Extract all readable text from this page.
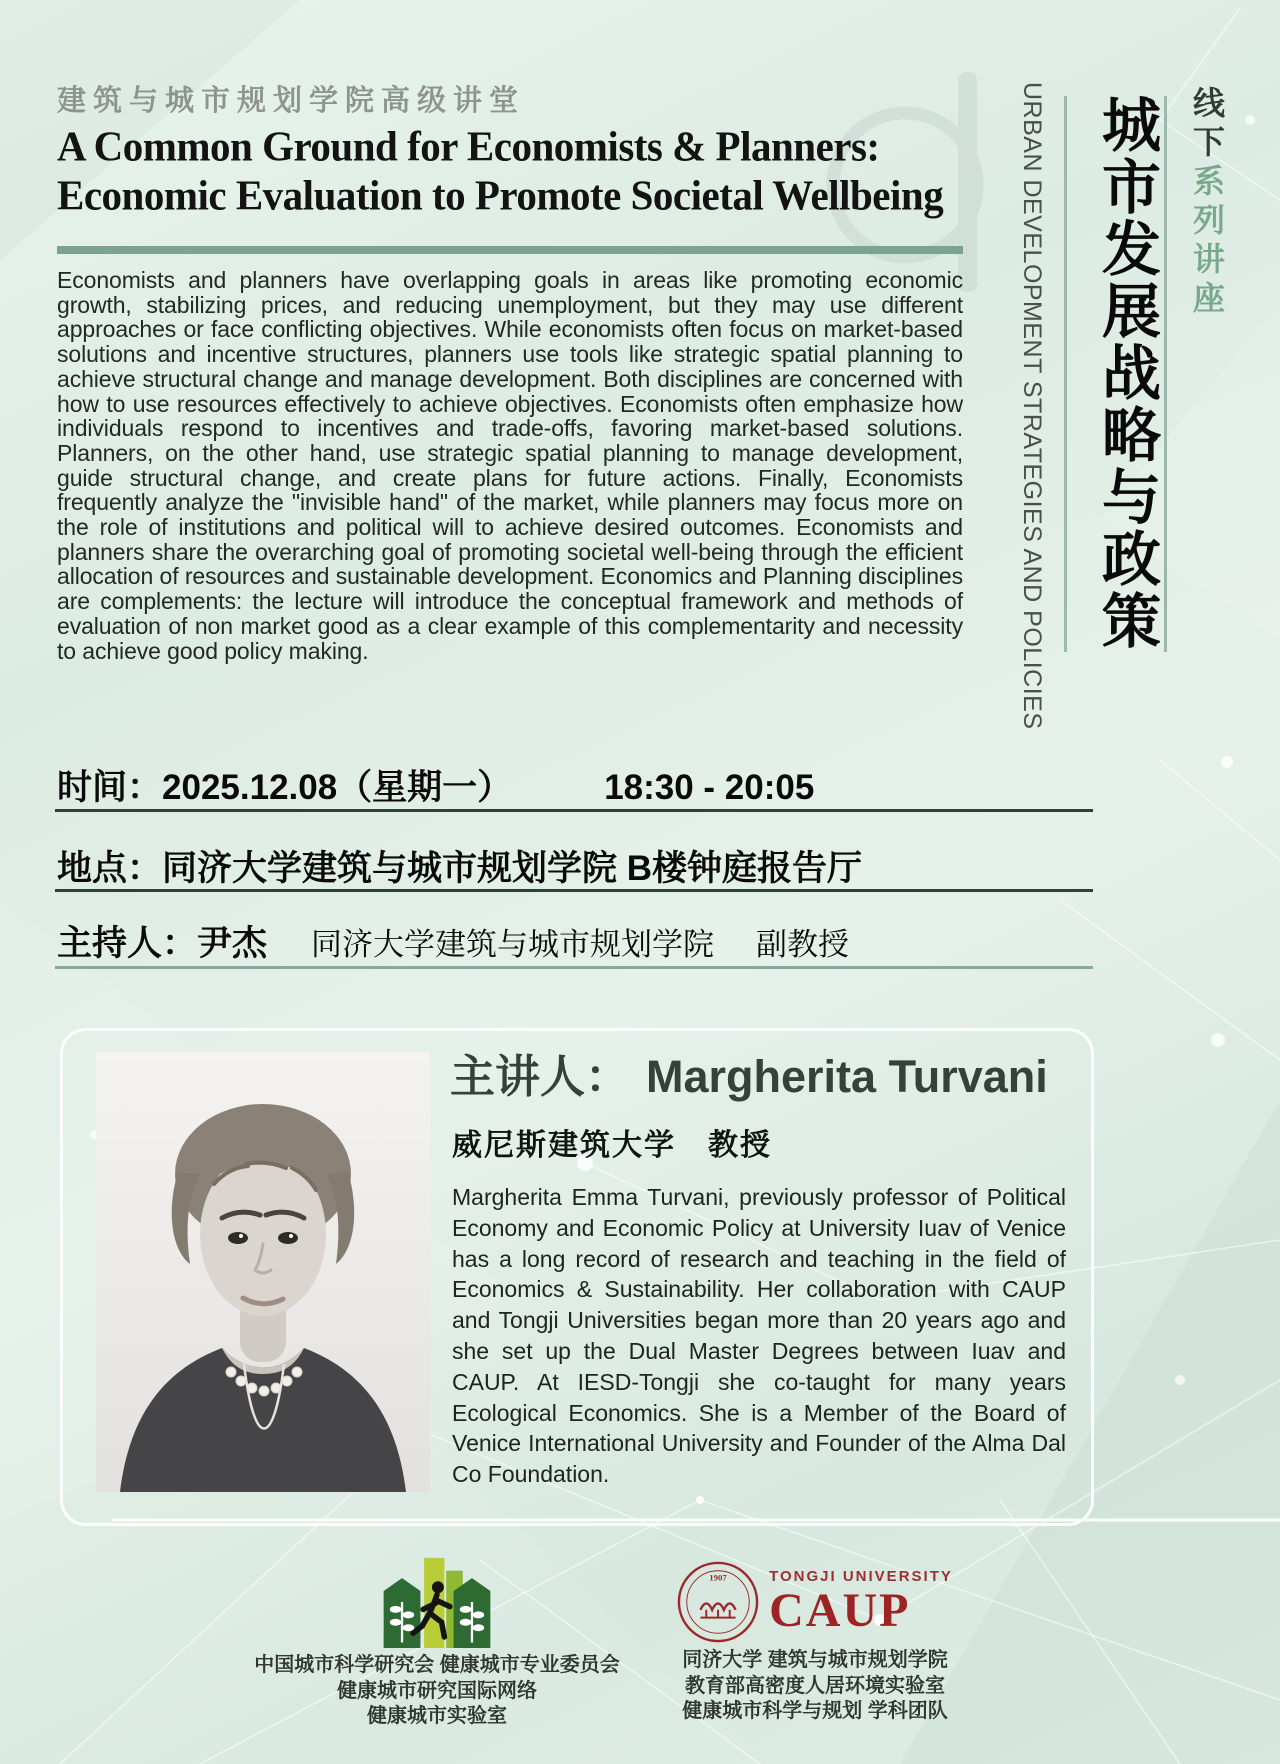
建筑与城市规划学院高级讲堂
A Common Ground for Economists & Planners:
Economic Evaluation to Promote Societal Wellbeing
Economists and planners have overlapping goals in areas like promoting economic growth, stabilizing prices, and reducing unemployment, but they may use different approaches or face conflicting objectives. While economists often focus on market-based solutions and incentive structures, planners use tools like strategic spatial planning to achieve structural change and manage development. Both disciplines are concerned with how to use resources effectively to achieve objectives. Economists often emphasize how individuals respond to incentives and trade-offs, favoring market-based solutions. Planners, on the other hand, use strategic spatial planning to manage development, guide structural change, and create plans for future actions. Finally, Economists frequently analyze the "invisible hand" of the market, while planners may focus more on the role of institutions and political will to achieve desired outcomes. Economists and planners share the overarching goal of promoting societal well-being through the efficient allocation of resources and sustainable development. Economics and Planning disciplines are complements: the lecture will introduce the conceptual framework and methods of evaluation of non market good as a clear example of this complementarity and necessity to achieve good policy making.
时间： 2025.12.08（星期一）	18:30 - 20:05
地点： 同济大学建筑与城市规划学院 B楼钟庭报告厅
主持人： 尹杰 同济大学建筑与城市规划学院 副教授
URBAN DEVELOPMENT STRATEGIES AND POLICIES 城市发展战略与政策 线下系列讲座
主讲人： Margherita Turvani
威尼斯建筑大学　教授
Margherita Emma Turvani, previously professor of Political Economy and Economic Policy at University Iuav of Venice has a long record of research and teaching in the field of Economics & Sustainability. Her collaboration with CAUP and Tongji Universities began more than 20 years ago and she set up the Dual Master Degrees between Iuav and CAUP. At IESD-Tongji she co-taught for many years Ecological Economics. She is a Member of the Board of Venice International University and Founder of the Alma Dal Co Foundation.
中国城市科学研究会 健康城市专业委员会
健康城市研究国际网络
健康城市实验室
1907	TONGJI UNIVERSITY
CAUP
同济大学 建筑与城市规划学院
教育部高密度人居环境实验室
健康城市科学与规划 学科团队
